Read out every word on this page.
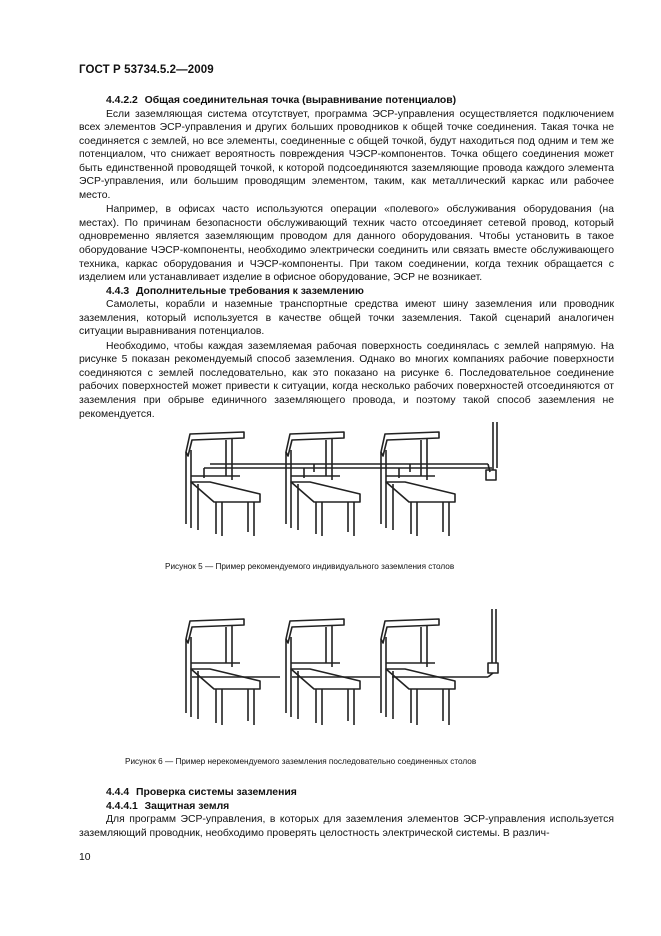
ГОСТ Р 53734.5.2—2009
4.4.2.2 Общая соединительная точка (выравнивание потенциалов)

Если заземляющая система отсутствует, программа ЭСР-управления осуществляется подключением всех элементов ЭСР-управления и других больших проводников к общей точке соединения. Такая точка не соединяется с землей, но все элементы, соединенные с общей точкой, будут находиться под одним и тем же потенциалом, что снижает вероятность повреждения ЧЭСР-компонентов. Точка общего соединения может быть единственной проводящей точкой, к которой подсоединяются заземляющие провода каждого элемента ЭСР-управления, или большим проводящим элементом, таким, как металлический каркас или рабочее место.

Например, в офисах часто используются операции «полевого» обслуживания оборудования (на местах). По причинам безопасности обслуживающий техник часто отсоединяет сетевой провод, который одновременно является заземляющим проводом для данного оборудования. Чтобы установить в такое оборудование ЧЭСР-компоненты, необходимо электрически соединить или связать вместе обслуживающего техника, каркас оборудования и ЧЭСР-компоненты. При таком соединении, когда техник обращается с изделием или устанавливает изделие в офисное оборудование, ЭСР не возникает.

4.4.3 Дополнительные требования к заземлению

Самолеты, корабли и наземные транспортные средства имеют шину заземления или проводник заземления, который используется в качестве общей точки заземления. Такой сценарий аналогичен ситуации выравнивания потенциалов.

Необходимо, чтобы каждая заземляемая рабочая поверхность соединялась с землей напрямую. На рисунке 5 показан рекомендуемый способ заземления. Однако во многих компаниях рабочие поверхности соединяются с землей последовательно, как это показано на рисунке 6. Последовательное соединение рабочих поверхностей может привести к ситуации, когда несколько рабочих поверхностей отсоединяются от заземления при обрыве единичного заземляющего провода, и поэтому такой способ заземления не рекомендуется.

Рисунок 5 — Пример рекомендуемого индивидуального заземления столов
Рисунок 6 — Пример нерекомендуемого заземления последовательно соединенных столов
4.4.4 Проверка системы заземления
4.4.4.1 Защитная земля

Для программ ЭСР-управления, в которых для заземления элементов ЭСР-управления используется заземляющий проводник, необходимо проверять целостность электрической системы. В различ-

10
